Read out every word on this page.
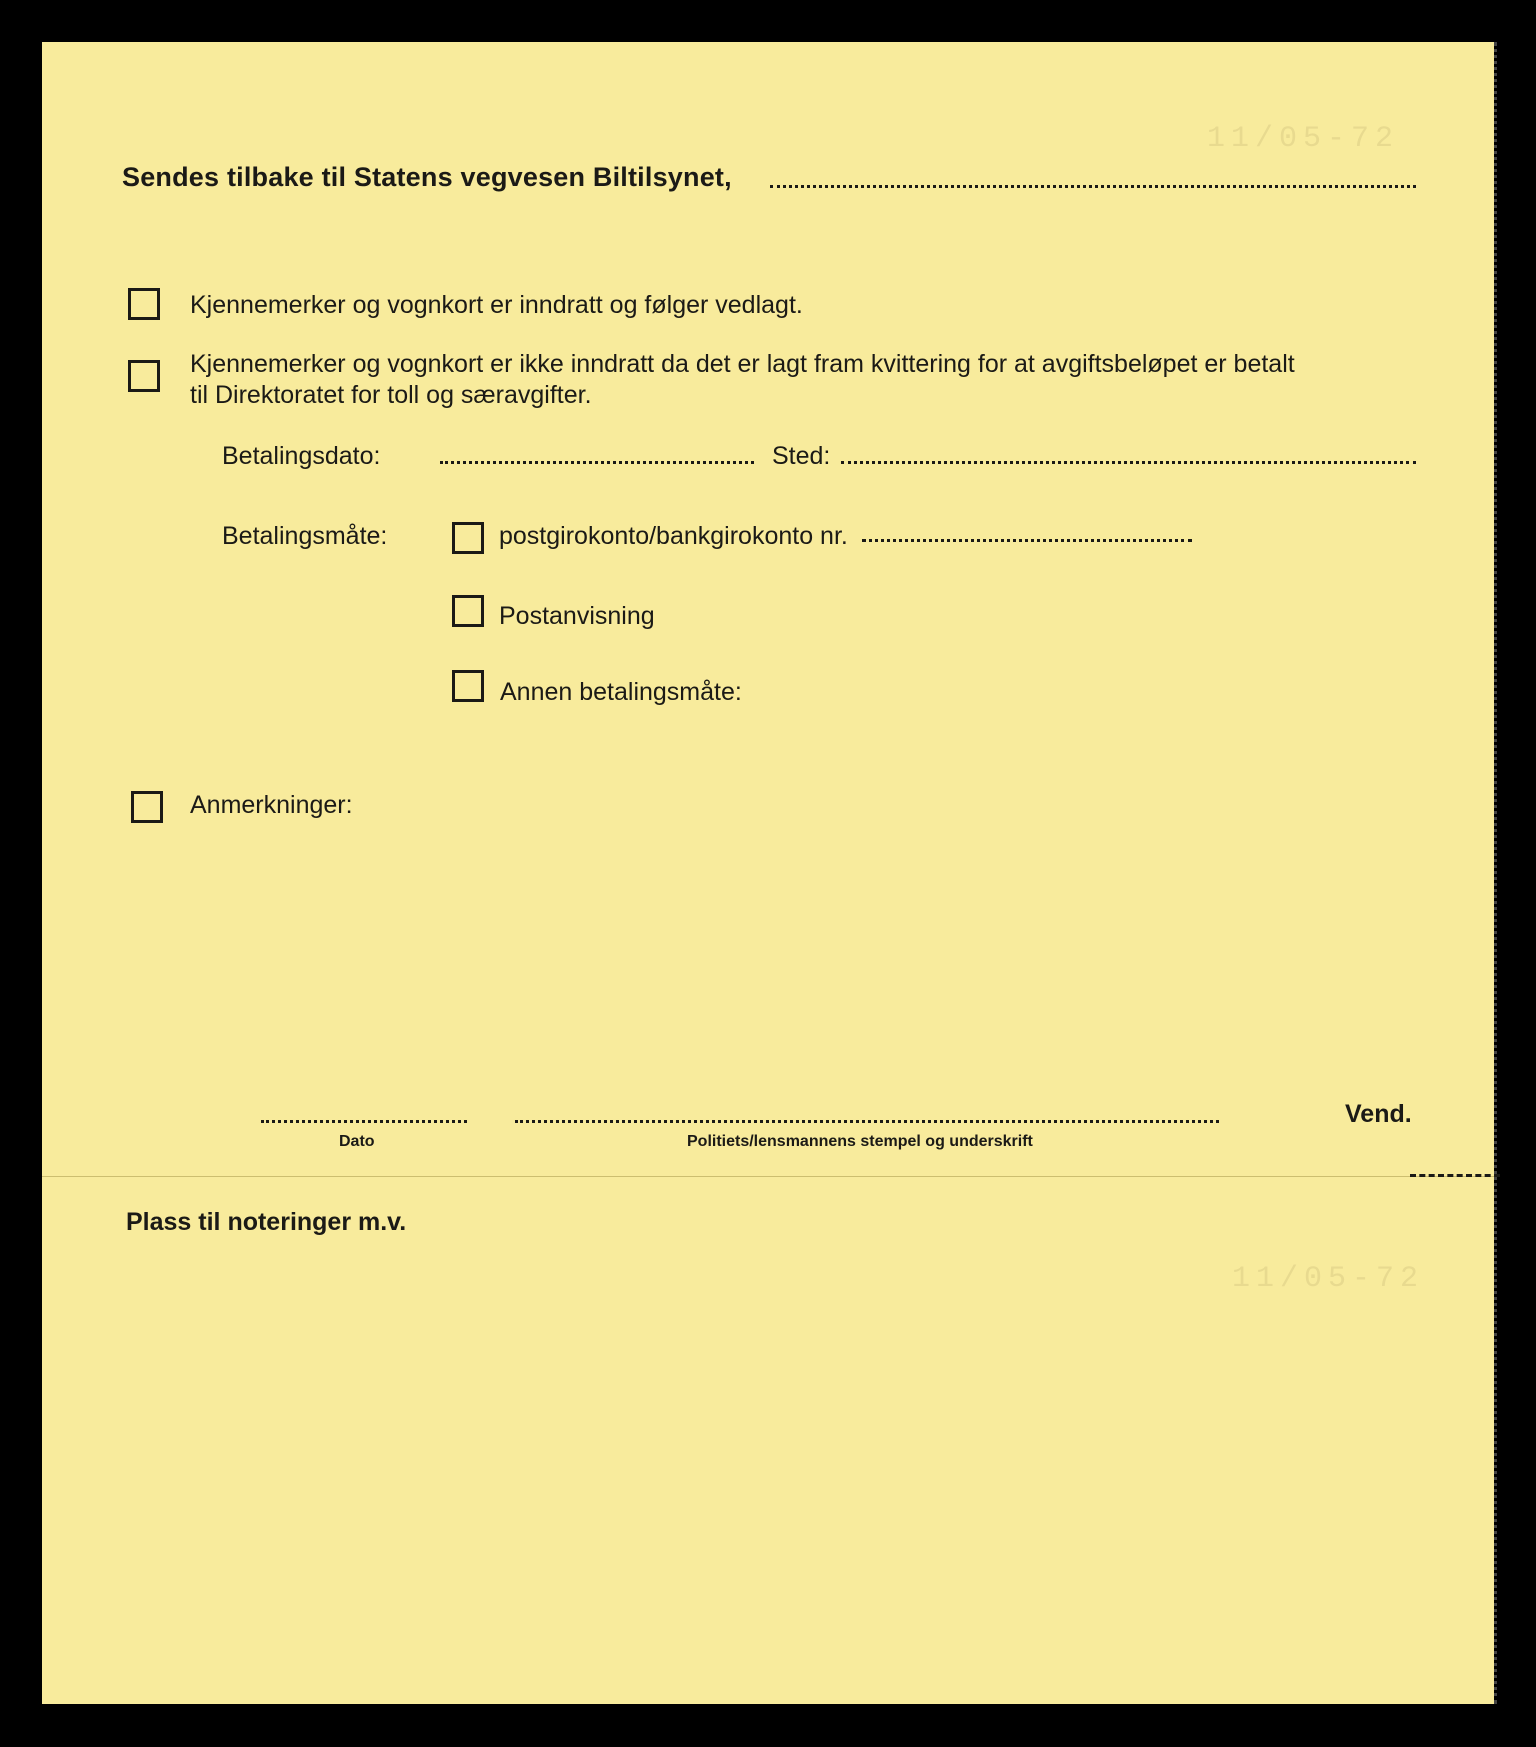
11/05-72
11/05-72
Sendes tilbake til Statens vegvesen Biltilsynet,
Kjennemerker og vognkort er inndratt og følger vedlagt.
Kjennemerker og vognkort er ikke inndratt da det er lagt fram kvittering for at avgiftsbeløpet er betalt
til Direktoratet for toll og særavgifter.
Betalingsdato:	Sted:
Betalingsmåte:	postgirokonto/bankgirokonto nr.
Postanvisning
Annen betalingsmåte:
Anmerkninger:
Dato	Politiets/lensmannens stempel og underskrift
Vend.
Plass til noteringer m.v.
